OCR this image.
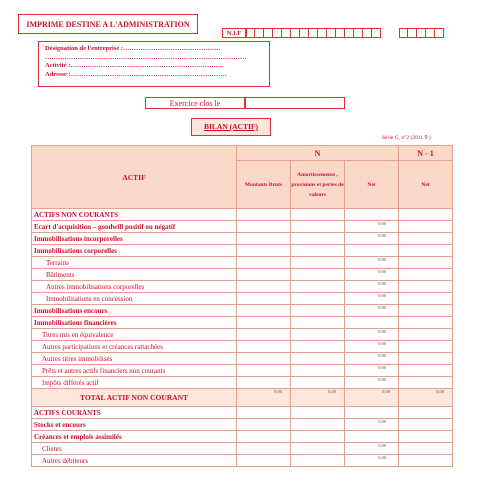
IMPRIME DESTINE A L'ADMINISTRATION
N.I.F
Désignation de l'entreprise :………………………………………
…………………………………………………………………………………
Activité :……………………………………………………………..
Adresse :………………………………………………………………
Exercice clos le
BILAN (ACTIF)
Série G, n°2 (2011 9 )
ACTIF	N			N - 1
	Montants Bruts	Amortissements , provisions et pertes de valeurs	Net	Net
ACTIFS NON COURANTS				
Ecart d'acquisition – goodwill positif ou négatif			0,00	
Immobilisations incorporelles			0,00	
Immobilisations corporelles				
Terrains			0,00	
Bâtiments			0,00	
Autres immobilisations corporelles			0,00	
Immobilisations en concession			0,00	
Immobilisations encours			0,00	
Immobilisations financières				
Titres mis en équivalence			0,00	
Autres participations et créances rattachées			0,00	
Autres titres immobilisés			0,00	
Prêts et autres actifs financiers non courants			0,00	
Impôts différés actif			0,00	
TOTAL ACTIF NON COURANT	0,00	0,00	0,00	0,00
ACTIFS COURANTS				
Stocks et encours			0,00	
Créances et emplois assimilés				
Clients			0,00	
Autres débiteurs			0,00	
